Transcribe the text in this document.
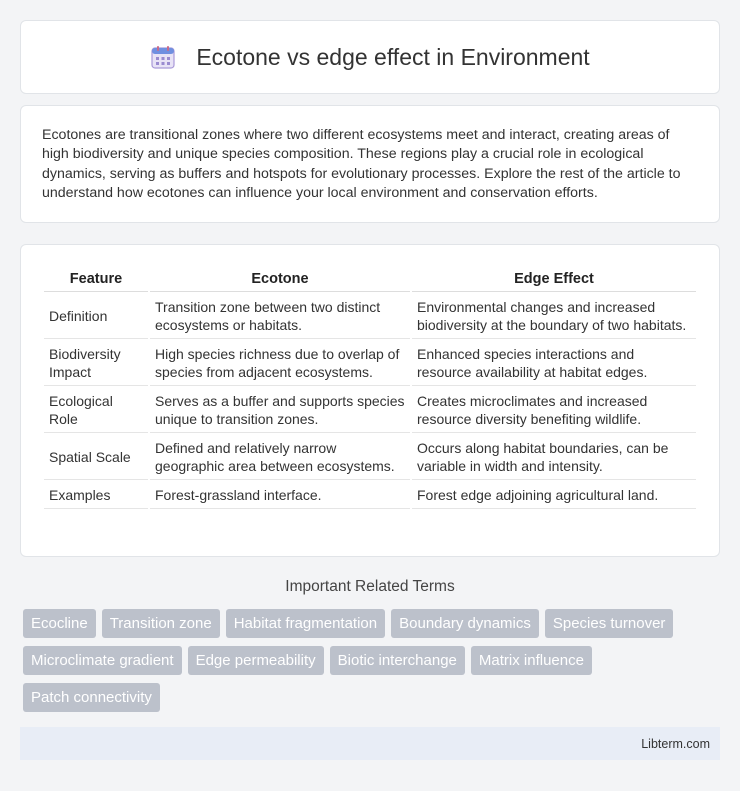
Ecotone vs edge effect in Environment

Ecotones are transitional zones where two different ecosystems meet and interact, creating areas of high biodiversity and unique species composition. These regions play a crucial role in ecological dynamics, serving as buffers and hotspots for evolutionary processes. Explore the rest of the article to understand how ecotones can influence your local environment and conservation efforts.

Feature	Ecotone	Edge Effect
Definition	Transition zone between two distinct ecosystems or habitats.	Environmental changes and increased biodiversity at the boundary of two habitats.
Biodiversity Impact	High species richness due to overlap of species from adjacent ecosystems.	Enhanced species interactions and resource availability at habitat edges.
Ecological Role	Serves as a buffer and supports species unique to transition zones.	Creates microclimates and increased resource diversity benefiting wildlife.
Spatial Scale	Defined and relatively narrow geographic area between ecosystems.	Occurs along habitat boundaries, can be variable in width and intensity.
Examples	Forest-grassland interface.	Forest edge adjoining agricultural land.
Important Related Terms
Ecocline	Transition zone	Habitat fragmentation	Boundary dynamics	Species turnover
Microclimate gradient	Edge permeability	Biotic interchange	Matrix influence
Patch connectivity
Libterm.com
